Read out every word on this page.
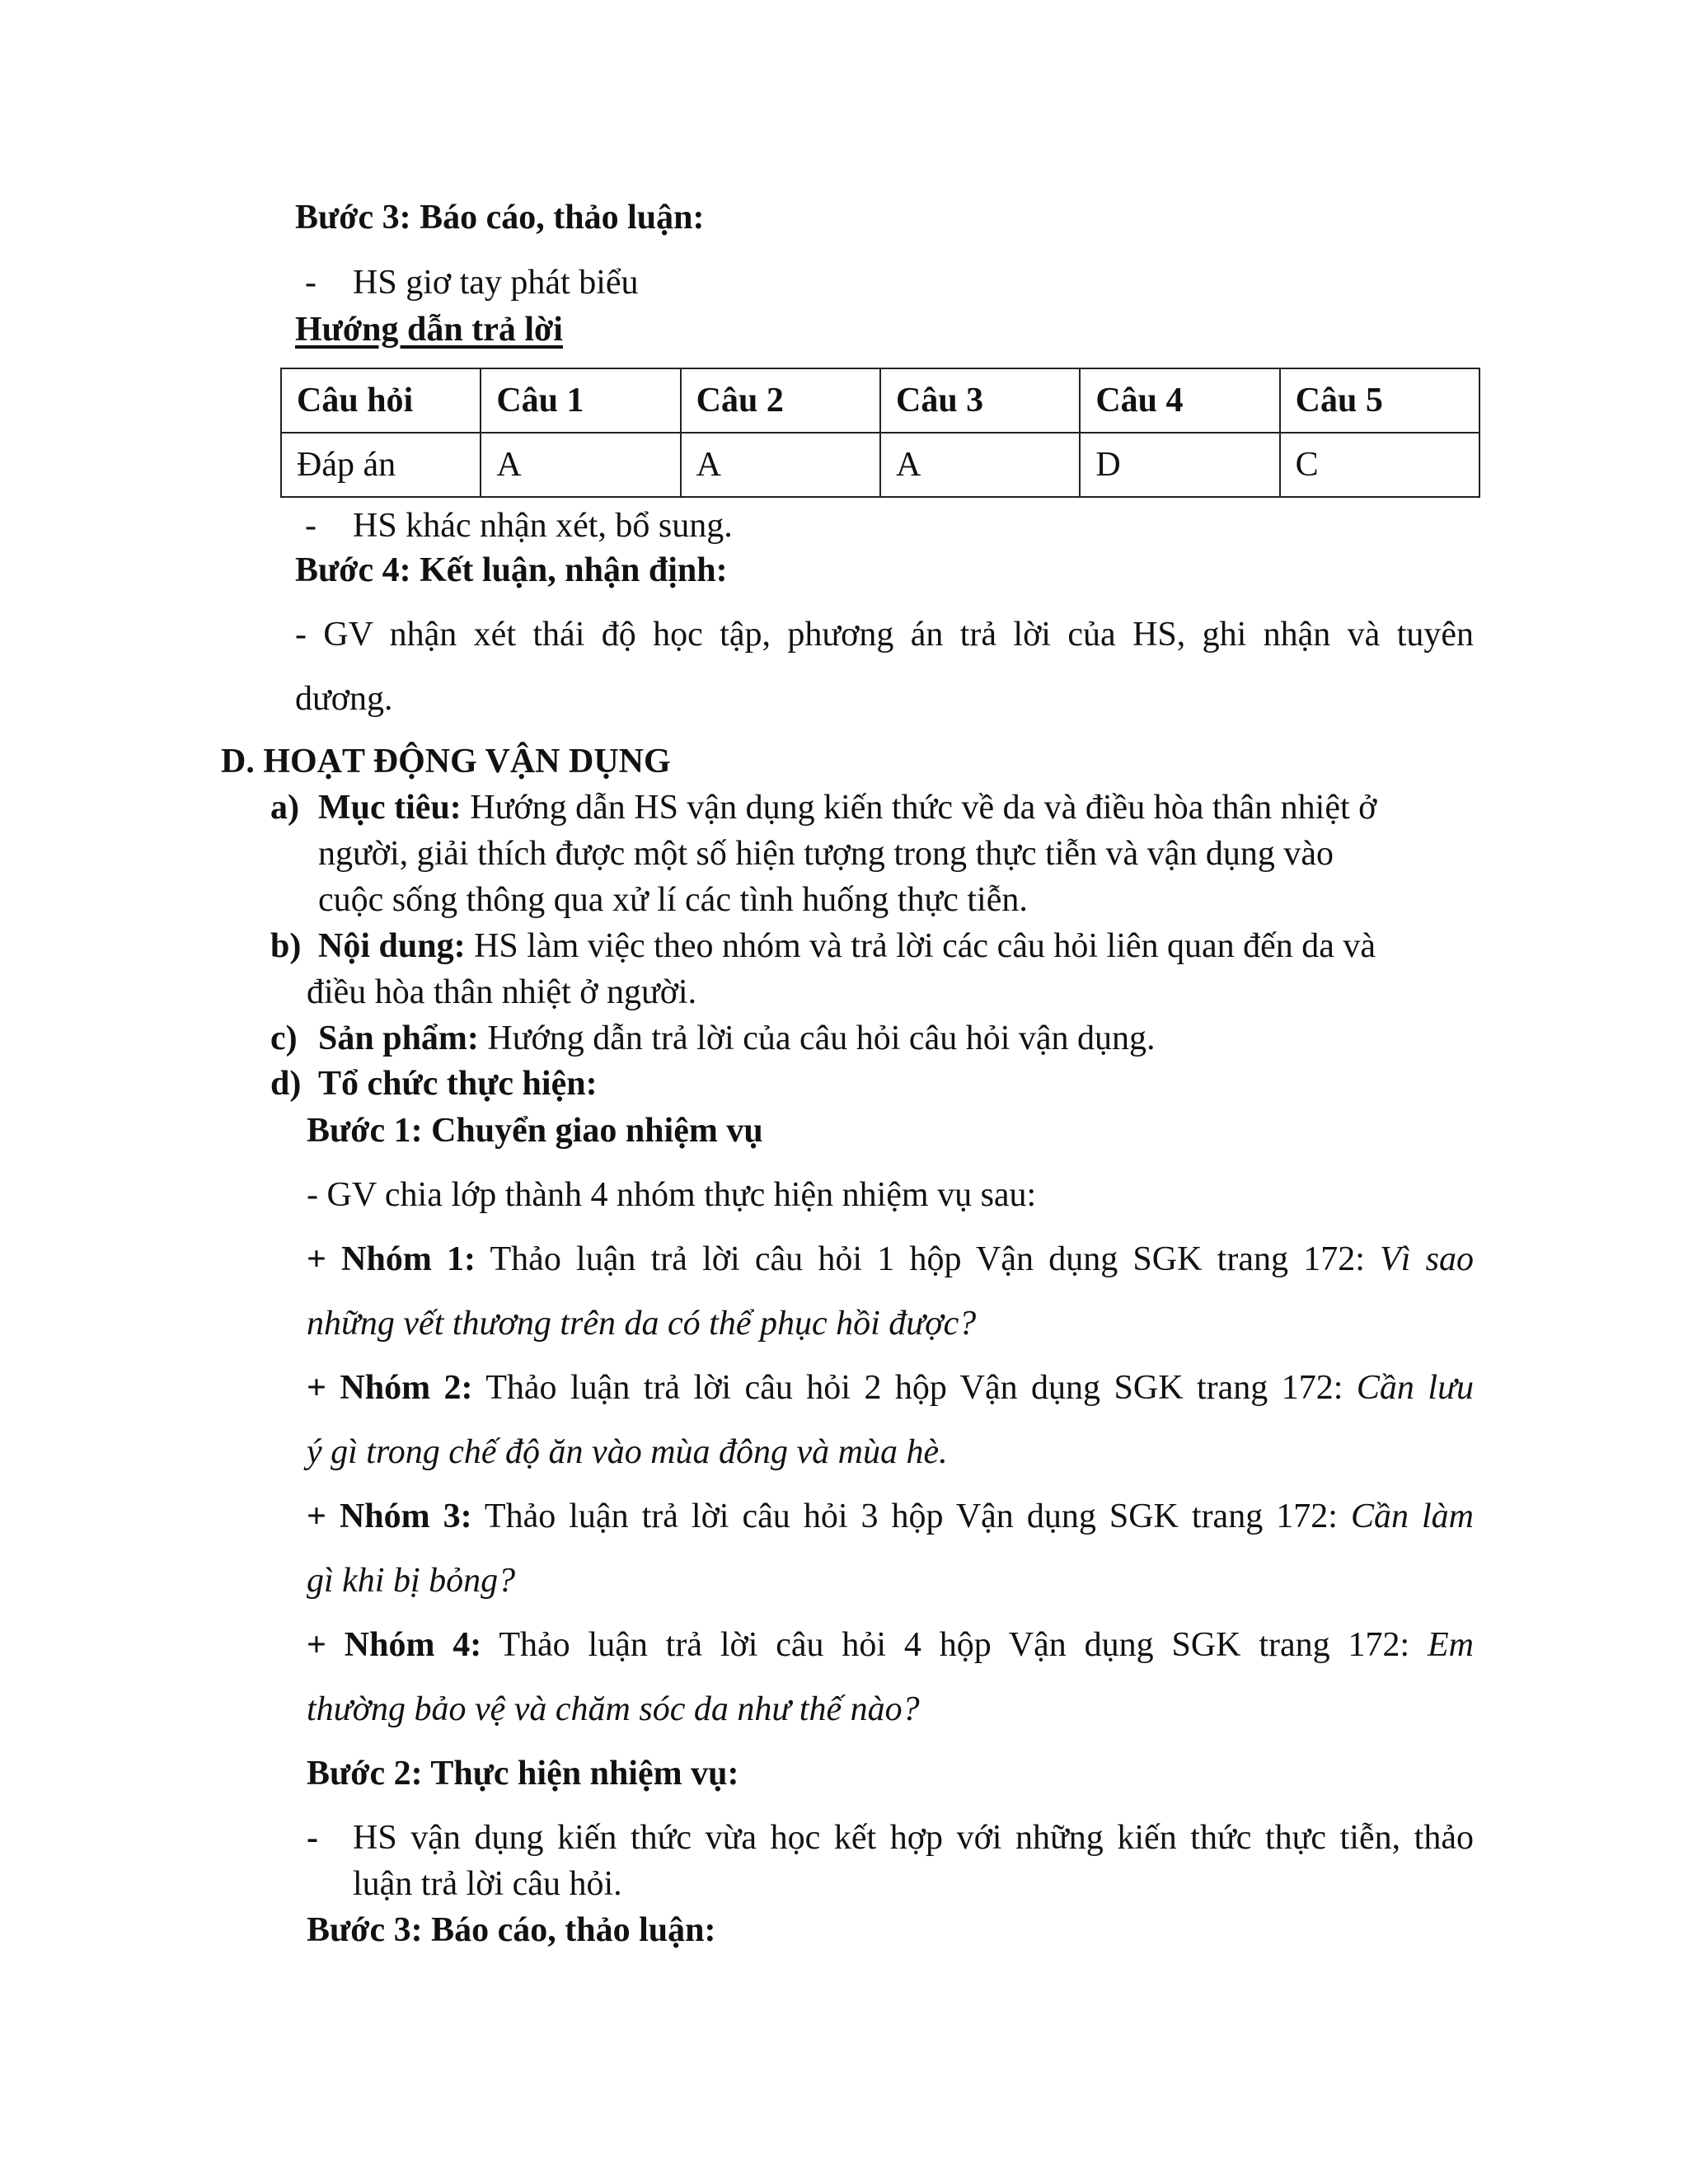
Bước 3: Báo cáo, thảo luận:
- HS giơ tay phát biểu
Hướng dẫn trả lời
Câu hỏi	Câu 1	Câu 2	Câu 3	Câu 4	Câu 5
Đáp án	A	A	A	D	C
- HS khác nhận xét, bổ sung.
Bước 4: Kết luận, nhận định:
- GV nhận xét thái độ học tập, phương án trả lời của HS, ghi nhận và tuyên
dương.
D. HOẠT ĐỘNG VẬN DỤNG
a) Mục tiêu: Hướng dẫn HS vận dụng kiến thức về da và điều hòa thân nhiệt ở
người, giải thích được một số hiện tượng trong thực tiễn và vận dụng vào
cuộc sống thông qua xử lí các tình huống thực tiễn.
b) Nội dung: HS làm việc theo nhóm và trả lời các câu hỏi liên quan đến da và
điều hòa thân nhiệt ở người.
c) Sản phẩm: Hướng dẫn trả lời của câu hỏi câu hỏi vận dụng.
d) Tổ chức thực hiện:
Bước 1: Chuyển giao nhiệm vụ
- GV chia lớp thành 4 nhóm thực hiện nhiệm vụ sau:
+ Nhóm 1: Thảo luận trả lời câu hỏi 1 hộp Vận dụng SGK trang 172: Vì sao
những vết thương trên da có thể phục hồi được?
+ Nhóm 2: Thảo luận trả lời câu hỏi 2 hộp Vận dụng SGK trang 172: Cần lưu
ý gì trong chế độ ăn vào mùa đông và mùa hè.
+ Nhóm 3: Thảo luận trả lời câu hỏi 3 hộp Vận dụng SGK trang 172: Cần làm
gì khi bị bỏng?
+ Nhóm 4: Thảo luận trả lời câu hỏi 4 hộp Vận dụng SGK trang 172: Em
thường bảo vệ và chăm sóc da như thế nào?
Bước 2: Thực hiện nhiệm vụ:
- HS vận dụng kiến thức vừa học kết hợp với những kiến thức thực tiễn, thảo
luận trả lời câu hỏi.
Bước 3: Báo cáo, thảo luận:
